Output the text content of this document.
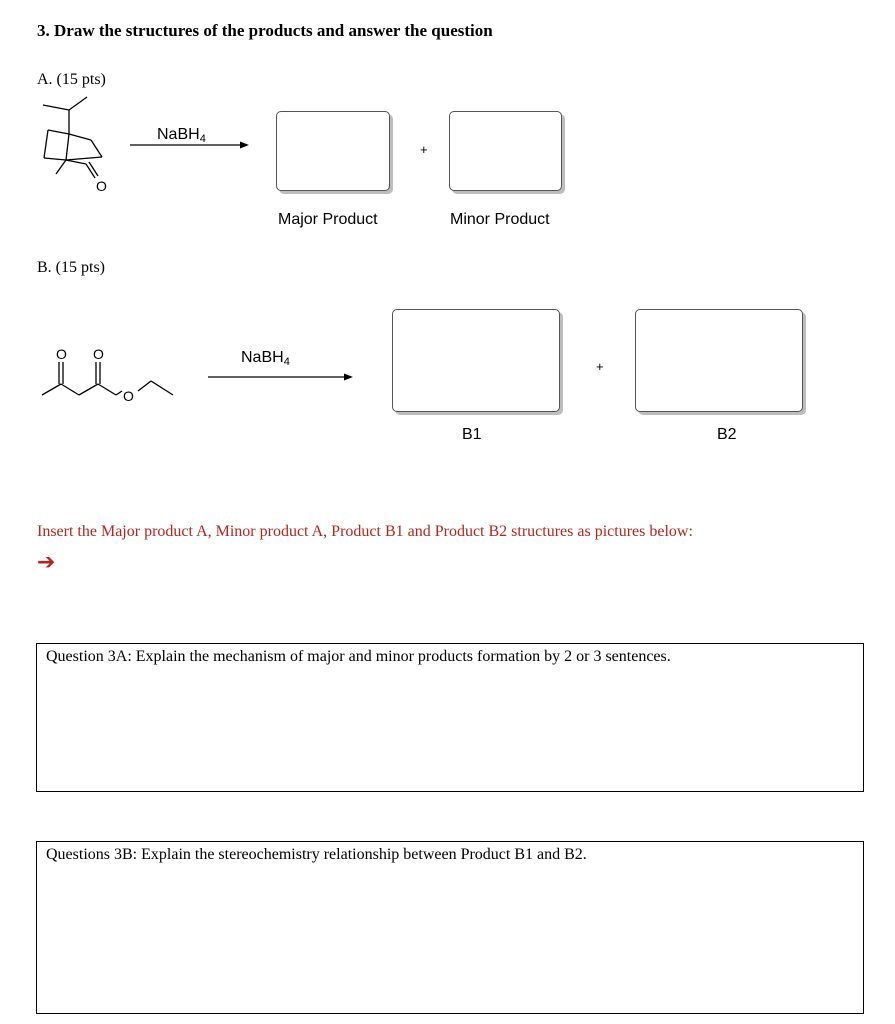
3. Draw the structures of the products and answer the question
A. (15 pts)
O
NaBH$_4$
+
Major Product	Minor Product
B. (15 pts)
O O
O
NaBH$_4$	+
B1	B2
Insert the Major product A, Minor product A, Product B1 and Product B2 structures as pictures below:
➔
Question 3A: Explain the mechanism of major and minor products formation by 2 or 3 sentences.
Questions 3B: Explain the stereochemistry relationship between Product B1 and B2.
